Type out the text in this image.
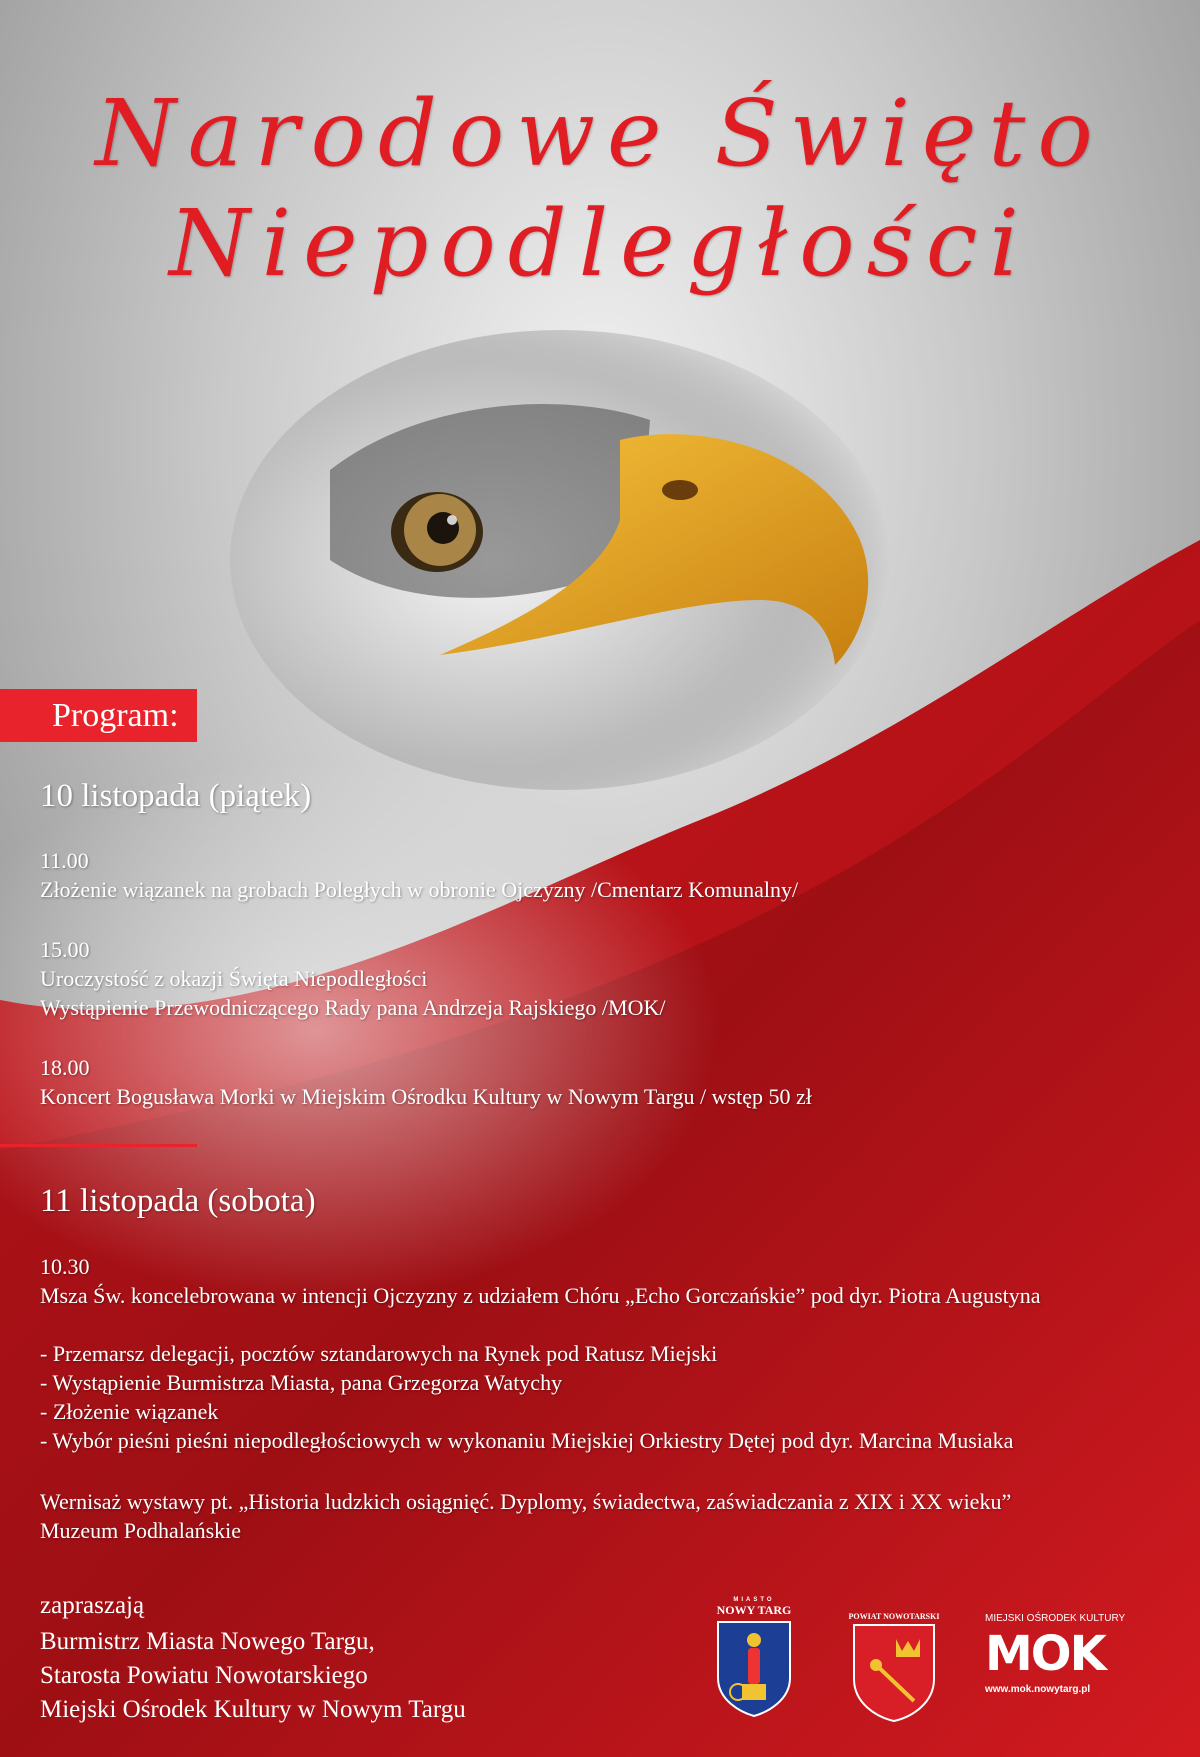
Narodowe Święto
Niepodległości
Program:
10 listopada (piątek)
11.00
Złożenie wiązanek na grobach Poległych w obronie Ojczyzny /Cmentarz Komunalny/
15.00
Uroczystość z okazji Święta Niepodległości
Wystąpienie Przewodniczącego Rady pana Andrzeja Rajskiego /MOK/
18.00
Koncert Bogusława Morki w Miejskim Ośrodku Kultury w Nowym Targu / wstęp 50 zł
11 listopada (sobota)
10.30
Msza Św. koncelebrowana w intencji Ojczyzny z udziałem Chóru „Echo Gorczańskie” pod dyr. Piotra Augustyna
- Przemarsz delegacji, pocztów sztandarowych na Rynek pod Ratusz Miejski
- Wystąpienie Burmistrza Miasta, pana Grzegorza Watychy
- Złożenie wiązanek
- Wybór pieśni pieśni niepodległościowych w wykonaniu Miejskiej Orkiestry Dętej pod dyr. Marcina Musiaka
Wernisaż wystawy pt. „Historia ludzkich osiągnięć. Dyplomy, świadectwa, zaświadczania z XIX i XX wieku”
Muzeum Podhalańskie
zapraszają
Burmistrz Miasta Nowego Targu,
Starosta Powiatu Nowotarskiego
Miejski Ośrodek Kultury w Nowym Targu
MIASTO
NOWY TARG	POWIAT NOWOTARSKI	MIEJSKI OŚRODEK KULTURY
MOK
www.mok.nowytarg.pl
